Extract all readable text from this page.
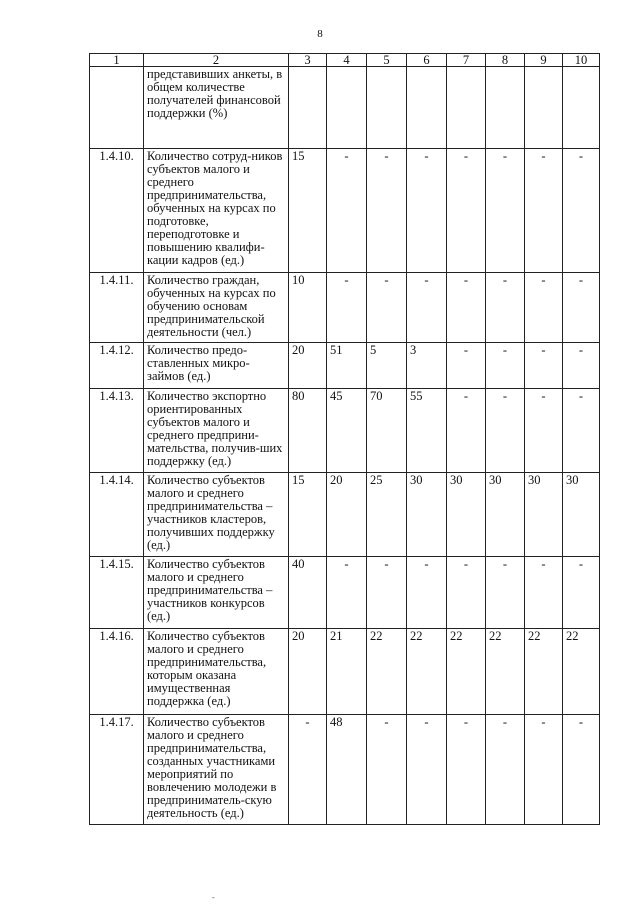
8
1	2	3	4	5	6	7	8	9	10
	представивших анкеты, в общем количестве получателей финансовой поддержки (%)								
1.4.10.	Количество сотруд-ников субъектов малого и среднего предпринимательства, обученных на курсах по подготовке, переподготовке и повышению квалифи-кации кадров (ед.)	15	-	-	-	-	-	-	-
1.4.11.	Количество граждан, обученных на курсах по обучению основам предпринимательской деятельности (чел.)	10	-	-	-	-	-	-	-
1.4.12.	Количество предо-ставленных микро-займов (ед.)	20	51	5	3	-	-	-	-
1.4.13.	Количество экспортно ориентированных субъектов малого и среднего предприни-мательства, получив-ших поддержку (ед.)	80	45	70	55	-	-	-	-
1.4.14.	Количество субъектов малого и среднего предпринимательства – участников кластеров, получивших поддержку (ед.)	15	20	25	30	30	30	30	30
1.4.15.	Количество субъектов малого и среднего предпринимательства – участников конкурсов (ед.)	40	-	-	-	-	-	-	-
1.4.16.	Количество субъектов малого и среднего предпринимательства, которым оказана имущественная поддержка (ед.)	20	21	22	22	22	22	22	22
1.4.17.	Количество субъектов малого и среднего предпринимательства, созданных участниками мероприятий по вовлечению молодежи в предприниматель-скую деятельность (ед.)	-	48	-	-	-	-	-	-
-
